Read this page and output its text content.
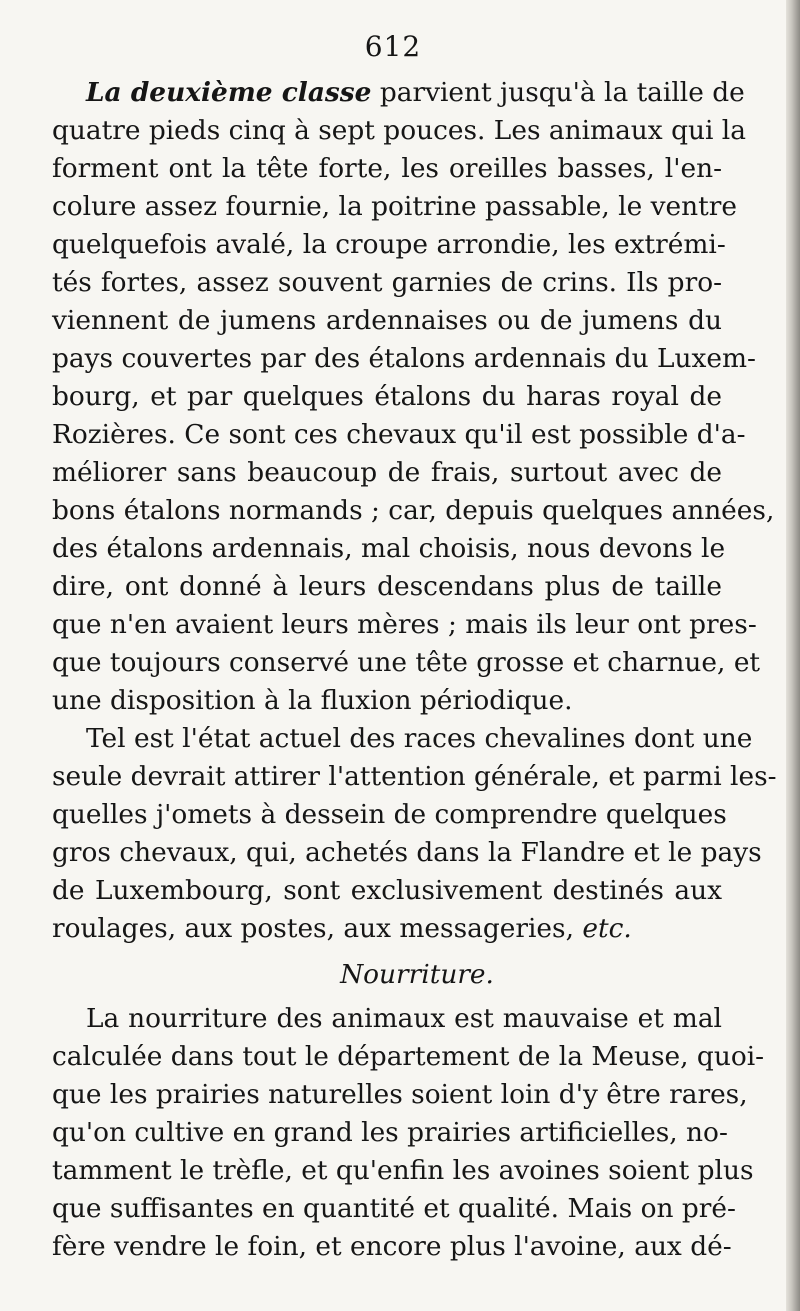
612
La deuxième classe parvient jusqu'à la taille de
quatre pieds cinq à sept pouces. Les animaux qui la
forment ont la tête forte, les oreilles basses, l'en-
colure assez fournie, la poitrine passable, le ventre
quelquefois avalé, la croupe arrondie, les extrémi-
tés fortes, assez souvent garnies de crins. Ils pro-
viennent de jumens ardennaises ou de jumens du
pays couvertes par des étalons ardennais du Luxem-
bourg, et par quelques étalons du haras royal de
Rozières. Ce sont ces chevaux qu'il est possible d'a-
méliorer sans beaucoup de frais, surtout avec de
bons étalons normands ; car, depuis quelques années,
des étalons ardennais, mal choisis, nous devons le
dire, ont donné à leurs descendans plus de taille
que n'en avaient leurs mères ; mais ils leur ont pres-
que toujours conservé une tête grosse et charnue, et
une disposition à la fluxion périodique.
Tel est l'état actuel des races chevalines dont une
seule devrait attirer l'attention générale, et parmi les-
quelles j'omets à dessein de comprendre quelques
gros chevaux, qui, achetés dans la Flandre et le pays
de Luxembourg, sont exclusivement destinés aux
roulages, aux postes, aux messageries, etc.
Nourriture.
La nourriture des animaux est mauvaise et mal
calculée dans tout le département de la Meuse, quoi-
que les prairies naturelles soient loin d'y être rares,
qu'on cultive en grand les prairies artificielles, no-
tamment le trèfle, et qu'enfin les avoines soient plus
que suffisantes en quantité et qualité. Mais on pré-
fère vendre le foin, et encore plus l'avoine, aux dé-
